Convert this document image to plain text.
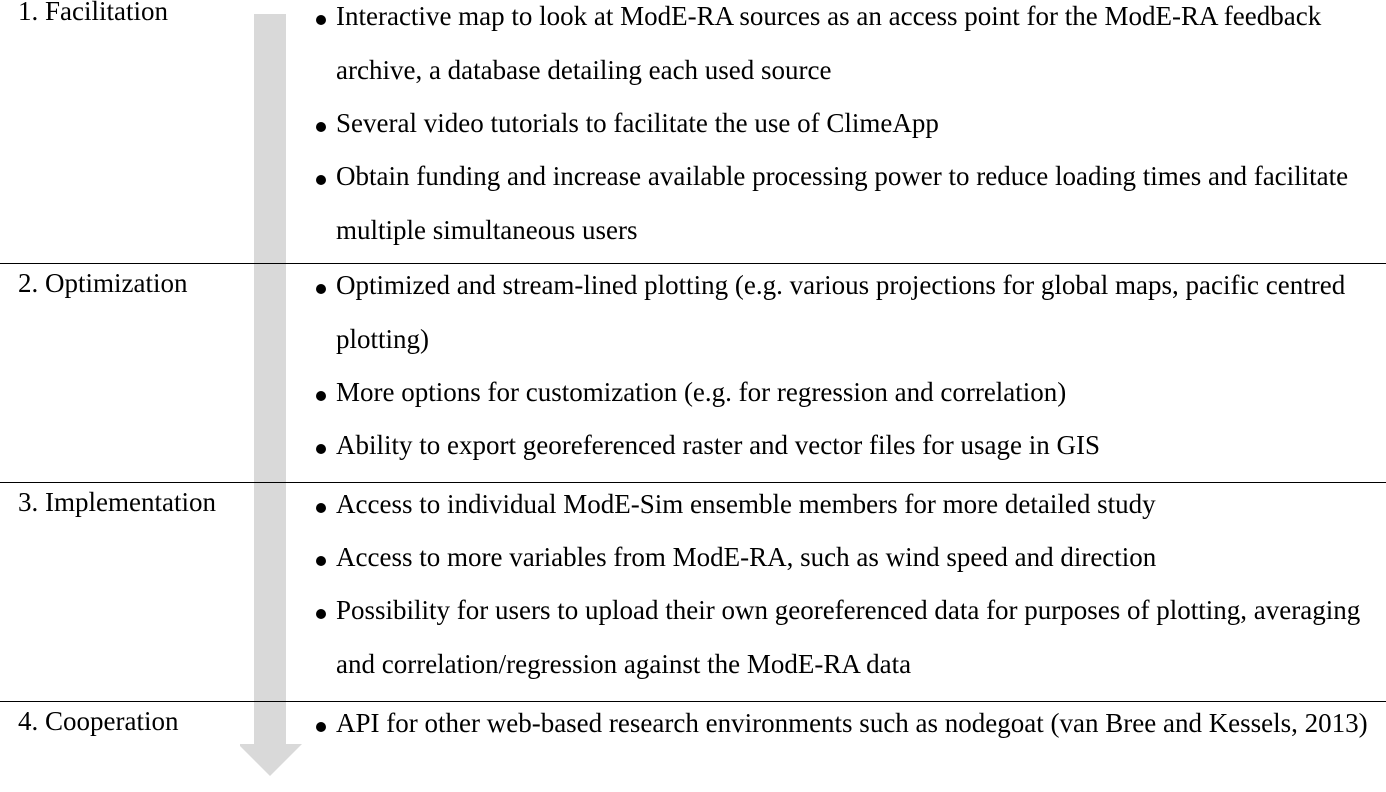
1. Facilitation	Interactive map to look at ModE-RA sources as an access point for the ModE-RA feedback archive, a database detailing each used source
Several video tutorials to facilitate the use of ClimeApp
Obtain funding and increase available processing power to reduce loading times and facilitate multiple simultaneous users
2. Optimization	Optimized and stream-lined plotting (e.g. various projections for global maps, pacific centred plotting)
More options for customization (e.g. for regression and correlation)
Ability to export georeferenced raster and vector files for usage in GIS
3. Implementation	Access to individual ModE-Sim ensemble members for more detailed study
Access to more variables from ModE-RA, such as wind speed and direction
Possibility for users to upload their own georeferenced data for purposes of plotting, averaging and correlation/regression against the ModE-RA data
4. Cooperation	API for other web-based research environments such as nodegoat (van Bree and Kessels, 2013)
